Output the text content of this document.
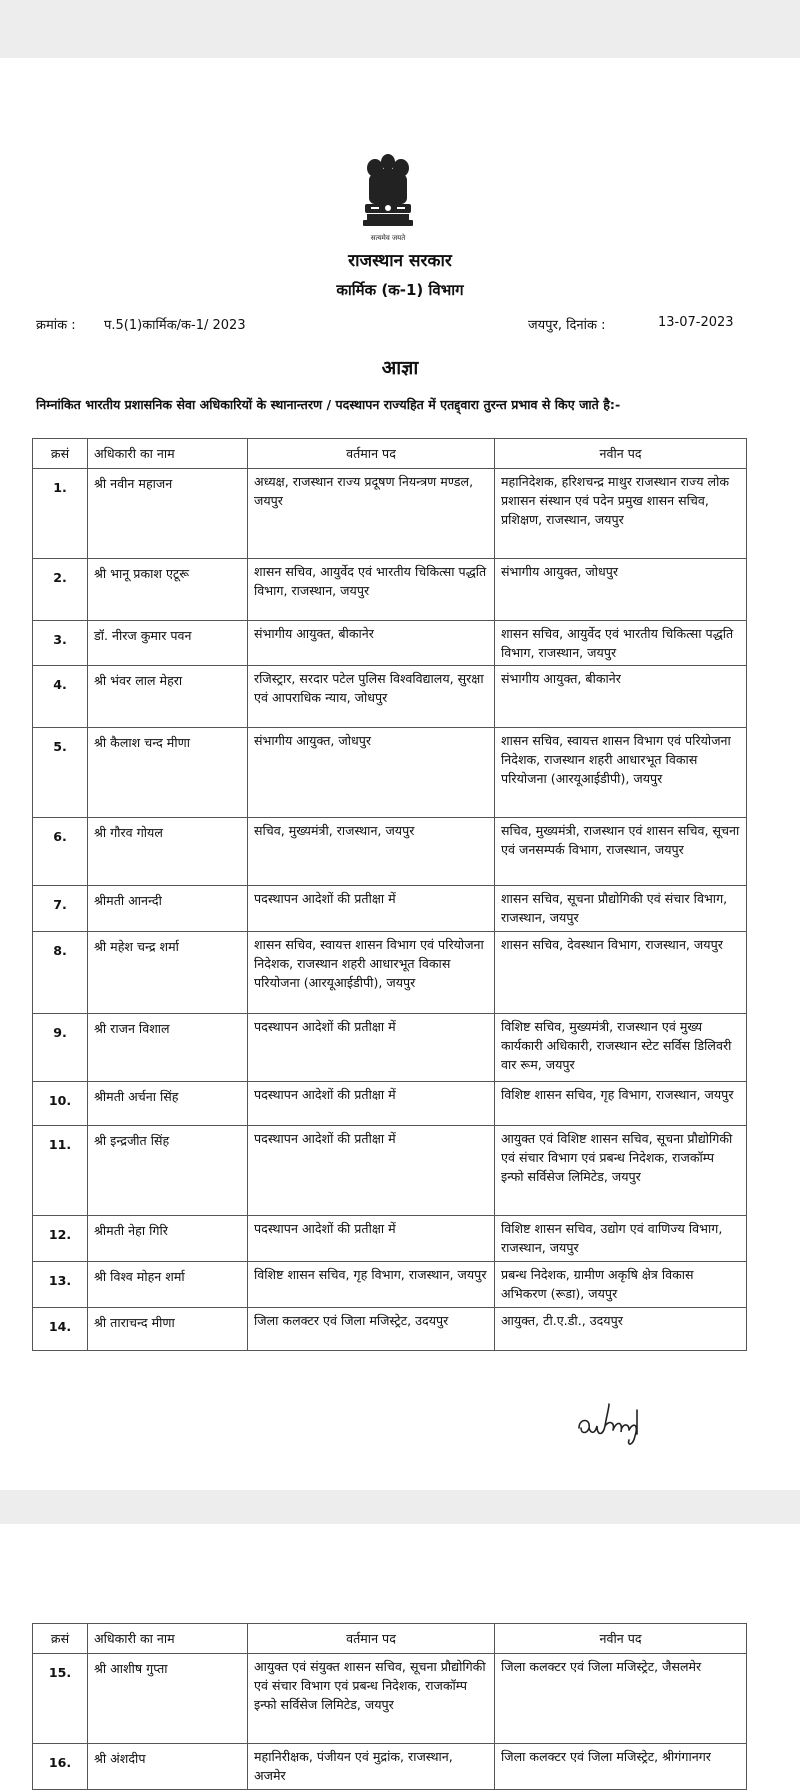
सत्यमेव जयते
राजस्थान सरकार
कार्मिक (क-1) विभाग
क्रमांक : प.5(1)कार्मिक/क-1/ 2023	जयपुर, दिनांक :	13-07-2023
आज्ञा
निम्नांकित भारतीय प्रशासनिक सेवा अधिकारियों के स्थानान्तरण / पदस्थापन राज्यहित में एतद्द्वारा तुरन्त प्रभाव से किए जाते है:-
क्रसं	अधिकारी का नाम	वर्तमान पद	नवीन पद
1.	श्री नवीन महाजन	अध्यक्ष, राजस्थान राज्य प्रदूषण नियन्त्रण मण्डल, जयपुर	महानिदेशक, हरिशचन्द्र माथुर राजस्थान राज्य लोक प्रशासन संस्थान एवं पदेन प्रमुख शासन सचिव, प्रशिक्षण, राजस्थान, जयपुर
2.	श्री भानू प्रकाश एटूरू	शासन सचिव, आयुर्वेद एवं भारतीय चिकित्सा पद्धति विभाग, राजस्थान, जयपुर	संभागीय आयुक्त, जोधपुर
3.	डॉ. नीरज कुमार पवन	संभागीय आयुक्त, बीकानेर	शासन सचिव, आयुर्वेद एवं भारतीय चिकित्सा पद्धति विभाग, राजस्थान, जयपुर
4.	श्री भंवर लाल मेहरा	रजिस्ट्रार, सरदार पटेल पुलिस विश्वविद्यालय, सुरक्षा एवं आपराधिक न्याय, जोधपुर	संभागीय आयुक्त, बीकानेर
5.	श्री कैलाश चन्द मीणा	संभागीय आयुक्त, जोधपुर	शासन सचिव, स्वायत्त शासन विभाग एवं परियोजना निदेशक, राजस्थान शहरी आधारभूत विकास परियोजना (आरयूआईडीपी), जयपुर
6.	श्री गौरव गोयल	सचिव, मुख्यमंत्री, राजस्थान, जयपुर	सचिव, मुख्यमंत्री, राजस्थान एवं शासन सचिव, सूचना एवं जनसम्पर्क विभाग, राजस्थान, जयपुर
7.	श्रीमती आनन्दी	पदस्थापन आदेशों की प्रतीक्षा में	शासन सचिव, सूचना प्रौद्योगिकी एवं संचार विभाग, राजस्थान, जयपुर
8.	श्री महेश चन्द्र शर्मा	शासन सचिव, स्वायत्त शासन विभाग एवं परियोजना निदेशक, राजस्थान शहरी आधारभूत विकास परियोजना (आरयूआईडीपी), जयपुर	शासन सचिव, देवस्थान विभाग, राजस्थान, जयपुर
9.	श्री राजन विशाल	पदस्थापन आदेशों की प्रतीक्षा में	विशिष्ट सचिव, मुख्यमंत्री, राजस्थान एवं मुख्य कार्यकारी अधिकारी, राजस्थान स्टेट सर्विस डिलिवरी वार रूम, जयपुर
10.	श्रीमती अर्चना सिंह	पदस्थापन आदेशों की प्रतीक्षा में	विशिष्ट शासन सचिव, गृह विभाग, राजस्थान, जयपुर
11.	श्री इन्द्रजीत सिंह	पदस्थापन आदेशों की प्रतीक्षा में	आयुक्त एवं विशिष्ट शासन सचिव, सूचना प्रौद्योगिकी एवं संचार विभाग एवं प्रबन्ध निदेशक, राजकॉम्प इन्फो सर्विसेज लिमिटेड, जयपुर
12.	श्रीमती नेहा गिरि	पदस्थापन आदेशों की प्रतीक्षा में	विशिष्ट शासन सचिव, उद्योग एवं वाणिज्य विभाग, राजस्थान, जयपुर
13.	श्री विश्व मोहन शर्मा	विशिष्ट शासन सचिव, गृह विभाग, राजस्थान, जयपुर	प्रबन्ध निदेशक, ग्रामीण अकृषि क्षेत्र विकास अभिकरण (रूडा), जयपुर
14.	श्री ताराचन्द मीणा	जिला कलक्टर एवं जिला मजिस्ट्रेट, उदयपुर	आयुक्त, टी.ए.डी., उदयपुर
क्रसं	अधिकारी का नाम	वर्तमान पद	नवीन पद
15.	श्री आशीष गुप्ता	आयुक्त एवं संयुक्त शासन सचिव, सूचना प्रौद्योगिकी एवं संचार विभाग एवं प्रबन्ध निदेशक, राजकॉम्प इन्फो सर्विसेज लिमिटेड, जयपुर	जिला कलक्टर एवं जिला मजिस्ट्रेट, जैसलमेर
16.	श्री अंशदीप	महानिरीक्षक, पंजीयन एवं मुद्रांक, राजस्थान, अजमेर	जिला कलक्टर एवं जिला मजिस्ट्रेट, श्रीगंगानगर
